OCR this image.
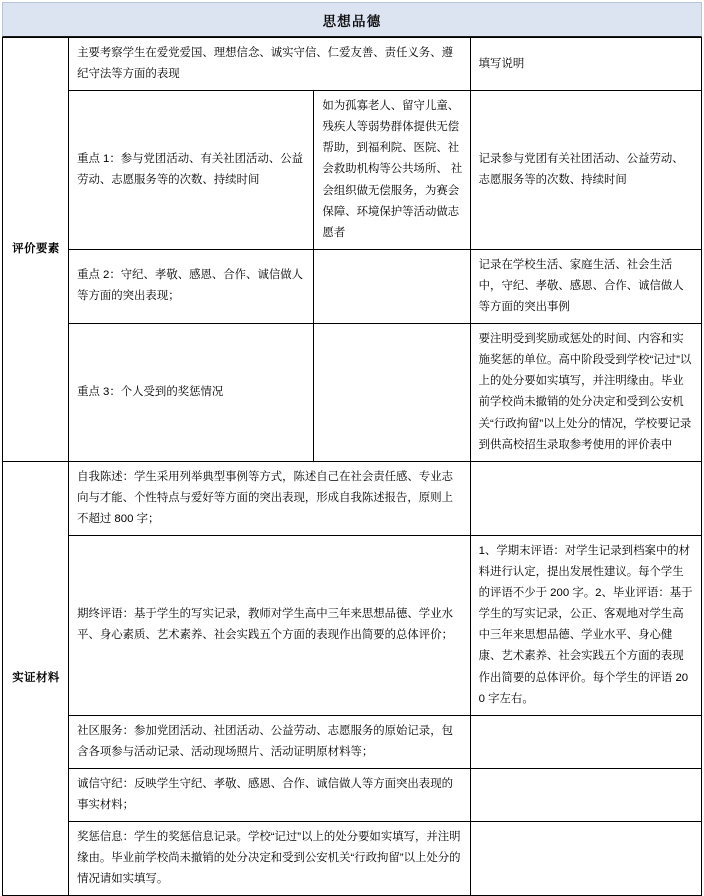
思想品德
评价要素	主要考察学生在爱党爱国、理想信念、诚实守信、仁爱友善、责任义务、遵纪守法等方面的表现		填写说明
	重点 1：参与党团活动、有关社团活动、公益劳动、志愿服务等的次数、持续时间	如为孤寡老人、留守儿童、残疾人等弱势群体提供无偿帮助，到福利院、医院、社会救助机构等公共场所、 社会组织做无偿服务，为赛会保障、环境保护等活动做志愿者	记录参与党团有关社团活动、公益劳动、志愿服务等的次数、持续时间
	重点 2：守纪、孝敬、感恩、合作、诚信做人等方面的突出表现；		记录在学校生活、家庭生活、社会生活中，守纪、孝敬、感恩、合作、诚信做人等方面的突出事例
	重点 3：个人受到的奖惩情况		要注明受到奖励或惩处的时间、内容和实施奖惩的单位。高中阶段受到学校“记过”以上的处分要如实填写，并注明缘由。毕业前学校尚未撤销的处分决定和受到公安机关“行政拘留”以上处分的情况，学校要记录到供高校招生录取参考使用的评价表中
实证材料	自我陈述：学生采用列举典型事例等方式，陈述自己在社会责任感、专业志向与才能、个性特点与爱好等方面的突出表现，形成自我陈述报告，原则上不超过 800 字；		
	期终评语：基于学生的写实记录，教师对学生高中三年来思想品德、学业水平、身心素质、艺术素养、社会实践五个方面的表现作出简要的总体评价；		1、学期末评语：对学生记录到档案中的材料进行认定，提出发展性建议。每个学生的评语不少于 200 字。2、毕业评语：基于学生的写实记录，公正、客观地对学生高中三年来思想品德、学业水平、身心健康、艺术素养、社会实践五个方面的表现作出简要的总体评价。每个学生的评语 200 字左右。
	社区服务：参加党团活动、社团活动、公益劳动、志愿服务的原始记录，包含各项参与活动记录、活动现场照片、活动证明原材料等；		
	诚信守纪：反映学生守纪、孝敬、感恩、合作、诚信做人等方面突出表现的事实材料；		
	奖惩信息：学生的奖惩信息记录。学校“记过”以上的处分要如实填写，并注明缘由。毕业前学校尚未撤销的处分决定和受到公安机关“行政拘留”以上处分的情况请如实填写。		
